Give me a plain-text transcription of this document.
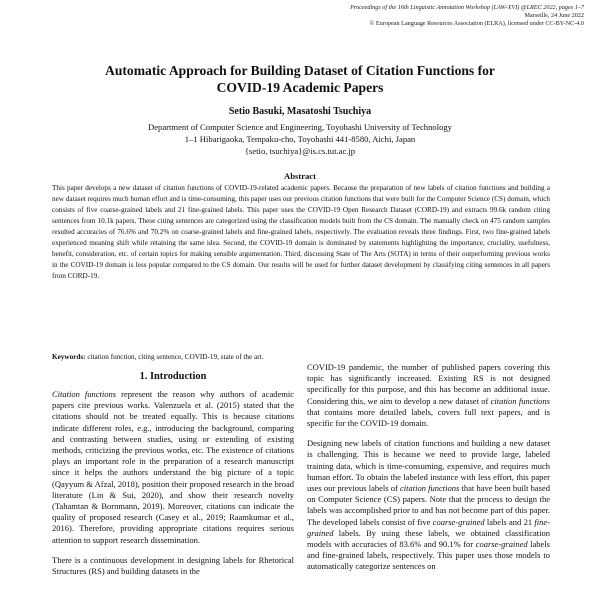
Proceedings of the 16th Linguistic Annotation Workshop (LAW-XVI) @LREC 2022, pages 1–7
Marseille, 24 June 2022
© European Language Resources Association (ELRA), licensed under CC-BY-NC-4.0
Automatic Approach for Building Dataset of Citation Functions for
COVID-19 Academic Papers
Setio Basuki, Masatoshi Tsuchiya
Department of Computer Science and Engineering, Toyohashi University of Technology
1–1 Hibarigaoka, Tempaku-cho, Toyohashi 441-8580, Aichi, Japan
{setio, tsuchiya}@is.cs.tut.ac.jp
Abstract
This paper develops a new dataset of citation functions of COVID-19-related academic papers. Because the preparation of new labels of citation functions and building a new dataset requires much human effort and is time-consuming, this paper uses our previous citation functions that were built for the Computer Science (CS) domain, which consists of five coarse-grained labels and 21 fine-grained labels. This paper uses the COVID-19 Open Research Dataset (CORD-19) and extracts 99.6k random citing sentences from 10.1k papers. These citing sentences are categorized using the classification models built from the CS domain. The manually check on 475 random samples resulted accuracies of 76.6% and 70.2% on coarse-grained labels and fine-grained labels, respectively. The evaluation reveals three findings. First, two fine-grained labels experienced meaning shift while retaining the same idea. Second, the COVID-19 domain is dominated by statements highlighting the importance, cruciality, usefulness, benefit, consideration, etc. of certain topics for making sensible argumentation. Third, discussing State of The Arts (SOTA) in terms of their outperforming previous works in the COVID-19 domain is less popular compared to the CS domain. Our results will be used for further dataset development by classifying citing sentences in all papers from CORD-19.
Keywords: citation function, citing sentence, COVID-19, state of the art.
1. Introduction

Citation functions represent the reason why authors of academic papers cite previous works. Valenzuela et al. (2015) stated that the citations should not be treated equally. This is because citations indicate different roles, e.g., introducing the background, comparing and contrasting between studies, using or extending of existing methods, criticizing the previous works, etc. The existence of citations plays an important role in the preparation of a research manuscript since it helps the authors understand the big picture of a topic (Qayyum & Afzal, 2018), position their proposed research in the broad literature (Lin & Sui, 2020), and show their research novelty (Tahamtan & Bornmann, 2019). Moreover, citations can indicate the quality of proposed research (Casey et al., 2019; Raamkumar et al., 2016). Therefore, providing appropriate citations requires serious attention to support research dissemination.

There is a continuous development in designing labels for Rhetorical Structures (RS) and building datasets in the

COVID-19 pandemic, the number of published papers covering this topic has significantly increased. Existing RS is not designed specifically for this purpose, and this has become an additional issue. Considering this, we aim to develop a new dataset of citation functions that contains more detailed labels, covers full text papers, and is specific for the COVID-19 domain.

Designing new labels of citation functions and building a new dataset is challenging. This is because we need to provide large, labeled training data, which is time-consuming, expensive, and requires much human effort. To obtain the labeled instance with less effort, this paper uses our previous labels of citation functions that have been built based on Computer Science (CS) papers. Note that the process to design the labels was accomplished prior to and has not become part of this paper. The developed labels consist of five coarse-grained labels and 21 fine-grained labels. By using these labels, we obtained classification models with accuracies of 83.6% and 90.1% for coarse-grained labels and fine-grained labels, respectively. This paper uses those models to automatically categorize sentences on
